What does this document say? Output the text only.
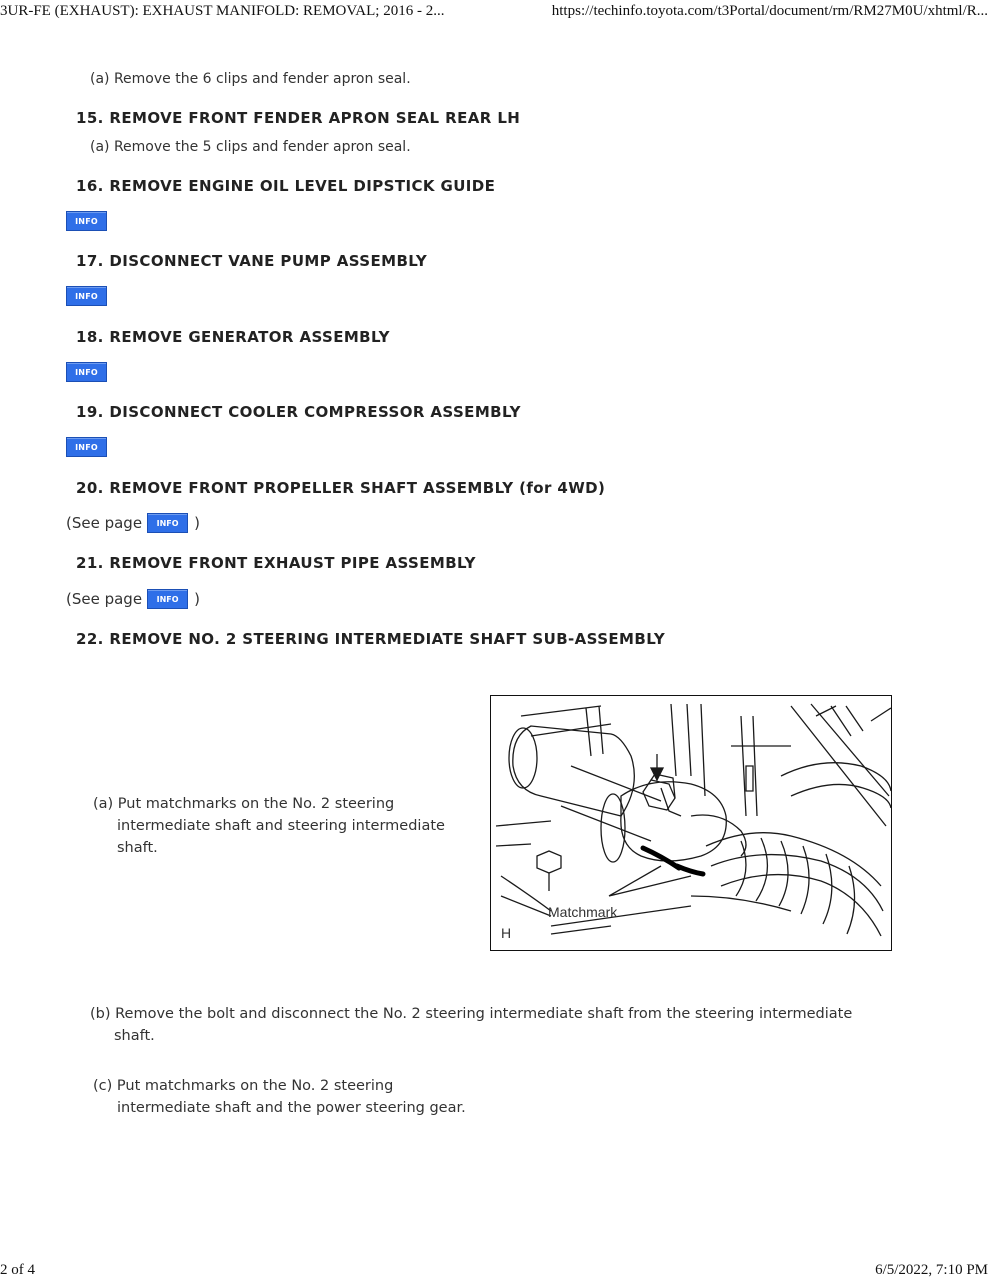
3UR-FE (EXHAUST): EXHAUST MANIFOLD: REMOVAL; 2016 - 2...	https://techinfo.toyota.com/t3Portal/document/rm/RM27M0U/xhtml/R...
(a) Remove the 6 clips and fender apron seal.
15. REMOVE FRONT FENDER APRON SEAL REAR LH
(a) Remove the 5 clips and fender apron seal.
16. REMOVE ENGINE OIL LEVEL DIPSTICK GUIDE
INFO
17. DISCONNECT VANE PUMP ASSEMBLY
INFO
18. REMOVE GENERATOR ASSEMBLY
INFO
19. DISCONNECT COOLER COMPRESSOR ASSEMBLY
INFO
20. REMOVE FRONT PROPELLER SHAFT ASSEMBLY (for 4WD)
(See page	INFO	)
21. REMOVE FRONT EXHAUST PIPE ASSEMBLY
(See page	INFO	)
22. REMOVE NO. 2 STEERING INTERMEDIATE SHAFT SUB-ASSEMBLY
(a) Put matchmarks on the No. 2 steering
intermediate shaft and steering intermediate
shaft.
Matchmark
H
(b) Remove the bolt and disconnect the No. 2 steering intermediate shaft from the steering intermediate
shaft.
(c) Put matchmarks on the No. 2 steering
intermediate shaft and the power steering gear.
2 of 4	6/5/2022, 7:10 PM
